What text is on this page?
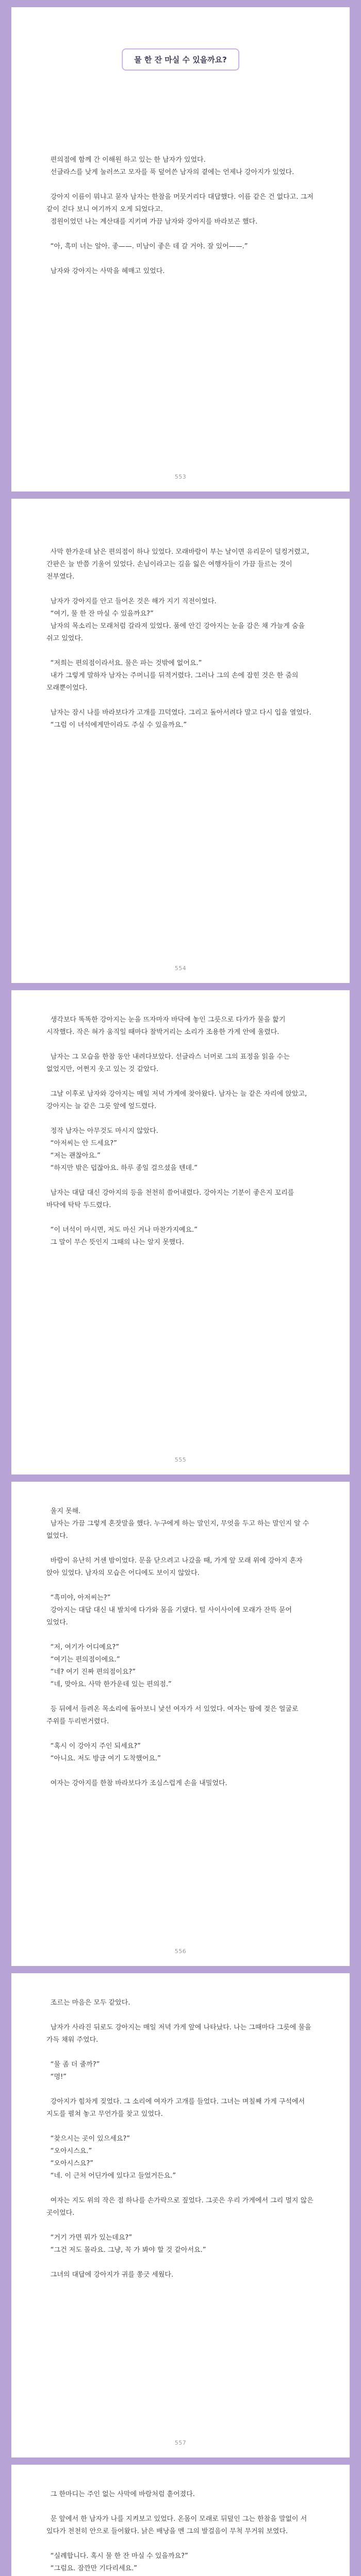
물 한 잔 마실 수 있을까요?

편의점에 함께 간 이해원 하고 있는 한 남자가 있었다.

선글라스를 낮게 눌러쓰고 모자를 푹 덮어쓴 남자의 곁에는 언제나 강아지가 있었다.

강아지 이름이 뭐냐고 묻자 남자는 한참을 머뭇거리다 대답했다. 이름 같은 건 없다고. 그저 같이 걷다 보니 여기까지 오게 되었다고.

점원이었던 나는 계산대를 지키며 가끔 남자와 강아지를 바라보곤 했다.

“아, 흑미 너는 알아. 좋——. 미남이 좋은 데 갈 거야. 잘 있어——.”

남자와 강아지는 사막을 헤매고 있었다.

553

사막 한가운데 낡은 편의점이 하나 있었다. 모래바람이 부는 날이면 유리문이 덜컹거렸고, 간판은 늘 반쯤 기울어 있었다. 손님이라고는 길을 잃은 여행자들이 가끔 들르는 것이 전부였다.

남자가 강아지를 안고 들어온 것은 해가 지기 직전이었다.

“여기, 물 한 잔 마실 수 있을까요?”

남자의 목소리는 모래처럼 갈라져 있었다. 품에 안긴 강아지는 눈을 감은 채 가늘게 숨을 쉬고 있었다.

“저희는 편의점이라서요. 물은 파는 것밖에 없어요.”

내가 그렇게 말하자 남자는 주머니를 뒤적거렸다. 그러나 그의 손에 잡힌 것은 한 줌의 모래뿐이었다.

남자는 잠시 나를 바라보다가 고개를 끄덕였다. 그리고 돌아서려다 말고 다시 입을 열었다.

“그럼 이 녀석에게만이라도 주실 수 있을까요.”

554

생각보다 똑똑한 강아지는 눈을 뜨자마자 바닥에 놓인 그릇으로 다가가 물을 핥기 시작했다. 작은 혀가 움직일 때마다 찰박거리는 소리가 조용한 가게 안에 울렸다.

남자는 그 모습을 한참 동안 내려다보았다. 선글라스 너머로 그의 표정을 읽을 수는 없었지만, 어쩐지 웃고 있는 것 같았다.

그날 이후로 남자와 강아지는 매일 저녁 가게에 찾아왔다. 남자는 늘 같은 자리에 앉았고, 강아지는 늘 같은 그릇 앞에 엎드렸다.

정작 남자는 아무것도 마시지 않았다.

“아저씨는 안 드세요?”

“저는 괜찮아요.”

“하지만 밖은 덥잖아요. 하루 종일 걸으셨을 텐데.”

남자는 대답 대신 강아지의 등을 천천히 쓸어내렸다. 강아지는 기분이 좋은지 꼬리를 바닥에 탁탁 두드렸다.

“이 녀석이 마시면, 저도 마신 거나 마찬가지예요.”

그 말이 무슨 뜻인지 그때의 나는 알지 못했다.

555

울지 못해.

남자는 가끔 그렇게 혼잣말을 했다. 누구에게 하는 말인지, 무엇을 두고 하는 말인지 알 수 없었다.

바람이 유난히 거센 밤이었다. 문을 닫으려고 나갔을 때, 가게 앞 모래 위에 강아지 혼자 앉아 있었다. 남자의 모습은 어디에도 보이지 않았다.

“흑미야, 아저씨는?”

강아지는 대답 대신 내 발치에 다가와 몸을 기댔다. 털 사이사이에 모래가 잔뜩 묻어 있었다.

“저, 여기가 어디예요?”

“여기는 편의점이에요.”

“네? 여기 진짜 편의점이요?”

“네, 맞아요. 사막 한가운데 있는 편의점.”

등 뒤에서 들려온 목소리에 돌아보니 낯선 여자가 서 있었다. 여자는 땀에 젖은 얼굴로 주위를 두리번거렸다.

“혹시 이 강아지 주인 되세요?”

“아니요. 저도 방금 여기 도착했어요.”

여자는 강아지를 한참 바라보다가 조심스럽게 손을 내밀었다.

556

조르는 마음은 모두 같았다.

남자가 사라진 뒤로도 강아지는 매일 저녁 가게 앞에 나타났다. 나는 그때마다 그릇에 물을 가득 채워 주었다.

“물 좀 더 줄까?”

“멍!”

강아지가 힘차게 짖었다. 그 소리에 여자가 고개를 들었다. 그녀는 며칠째 가게 구석에서 지도를 펼쳐 놓고 무언가를 찾고 있었다.

“찾으시는 곳이 있으세요?”

“오아시스요.”

“오아시스요?”

“네. 이 근처 어딘가에 있다고 들었거든요.”

여자는 지도 위의 작은 점 하나를 손가락으로 짚었다. 그곳은 우리 가게에서 그리 멀지 않은 곳이었다.

“거기 가면 뭐가 있는데요?”

“그건 저도 몰라요. 그냥, 꼭 가 봐야 할 것 같아서요.”

그녀의 대답에 강아지가 귀를 쫑긋 세웠다.

557

그 한마디는 주인 없는 사막에 바람처럼 흩어졌다.

문 앞에서 한 남자가 나를 지켜보고 있었다. 온몸이 모래로 뒤덮인 그는 한참을 말없이 서 있다가 천천히 안으로 들어왔다. 낡은 배낭을 멘 그의 발걸음이 무척 무거워 보였다.

“실례합니다. 혹시 물 한 잔 마실 수 있을까요?”

“그럼요. 잠깐만 기다리세요.”
